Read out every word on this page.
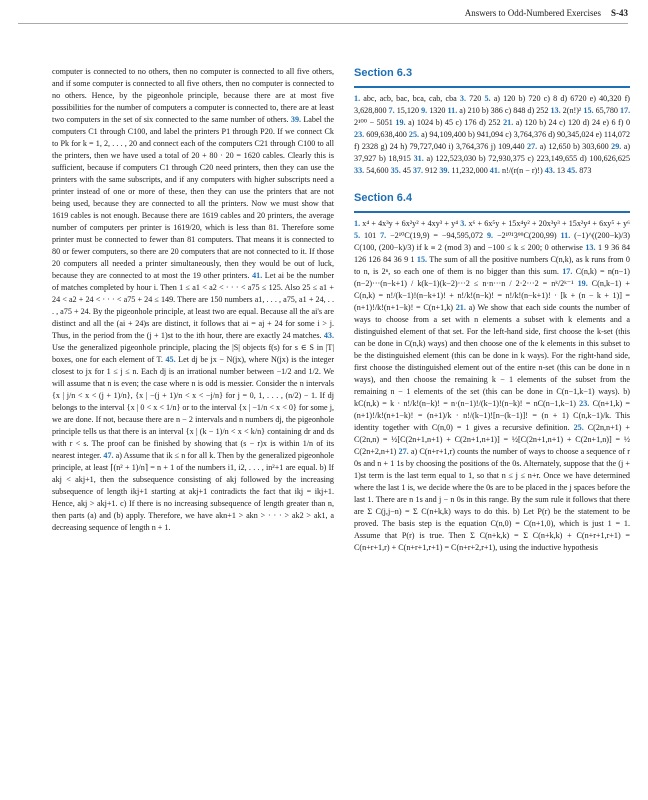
Answers to Odd-Numbered Exercises S-43

computer is connected to no others, then no computer is connected to all five others, and if some computer is connected to all five others, then no computer is connected to no others. Hence, by the pigeonhole principle, because there are at most five possibilities for the number of computers a computer is connected to, there are at least two computers in the set of six connected to the same number of others. 39. Label the computers C1 through C100, and label the printers P1 through P20. If we connect Ck to Pk for k = 1, 2, . . . , 20 and connect each of the computers C21 through C100 to all the printers, then we have used a total of 20 + 80 · 20 = 1620 cables. Clearly this is sufficient, because if computers C1 through C20 need printers, then they can use the printers with the same subscripts, and if any computers with higher subscripts need a printer instead of one or more of these, then they can use the printers that are not being used, because they are connected to all the printers. Now we must show that 1619 cables is not enough. Because there are 1619 cables and 20 printers, the average number of computers per printer is 1619/20, which is less than 81. Therefore some printer must be connected to fewer than 81 computers. That means it is connected to 80 or fewer computers, so there are 20 computers that are not connected to it. If those 20 computers all needed a printer simultaneously, then they would be out of luck, because they are connected to at most the 19 other printers. 41. Let ai be the number of matches completed by hour i. Then 1 ≤ a1 < a2 < · · · < a75 ≤ 125. Also 25 ≤ a1 + 24 < a2 + 24 < · · · < a75 + 24 ≤ 149. There are 150 numbers a1, . . . , a75, a1 + 24, . . . , a75 + 24. By the pigeonhole principle, at least two are equal. Because all the ai's are distinct and all the (ai + 24)s are distinct, it follows that ai = aj + 24 for some i > j. Thus, in the period from the (j + 1)st to the ith hour, there are exactly 24 matches. 43. Use the generalized pigeonhole principle, placing the |S| objects f(s) for s ∈ S in |T| boxes, one for each element of T. 45. Let dj be jx − N(jx), where N(jx) is the integer closest to jx for 1 ≤ j ≤ n. Each dj is an irrational number between −1/2 and 1/2. We will assume that n is even; the case where n is odd is messier. Consider the n intervals {x | j/n < x < (j + 1)/n}, {x | −(j + 1)/n < x < −j/n} for j = 0, 1, . . . , (n/2) − 1. If dj belongs to the interval {x | 0 < x < 1/n} or to the interval {x | −1/n < x < 0} for some j, we are done. If not, because there are n − 2 intervals and n numbers dj, the pigeonhole principle tells us that there is an interval {x | (k − 1)/n < x < k/n} containing dr and ds with r < s. The proof can be finished by showing that (s − r)x is within 1/n of its nearest integer. 47. a) Assume that ik ≤ n for all k. Then by the generalized pigeonhole principle, at least ⌈(n² + 1)/n⌉ = n + 1 of the numbers i1, i2, . . . , in²+1 are equal. b) If akj < akj+1, then the subsequence consisting of akj followed by the increasing subsequence of length ikj+1 starting at akj+1 contradicts the fact that ikj = ikj+1. Hence, akj > akj+1. c) If there is no increasing subsequence of length greater than n, then parts (a) and (b) apply. Therefore, we have akn+1 > akn > · · · > ak2 > ak1, a decreasing sequence of length n + 1.

Section 6.3

1. abc, acb, bac, bca, cab, cba 3. 720 5. a) 120 b) 720 c) 8 d) 6720 e) 40,320 f) 3,628,800 7. 15,120 9. 1320 11. a) 210 b) 386 c) 848 d) 252 13. 2(n!)² 15. 65,780 17. 2¹⁰⁰ − 5051 19. a) 1024 b) 45 c) 176 d) 252 21. a) 120 b) 24 c) 120 d) 24 e) 6 f) 0 23. 609,638,400 25. a) 94,109,400 b) 941,094 c) 3,764,376 d) 90,345,024 e) 114,072 f) 2328 g) 24 h) 79,727,040 i) 3,764,376 j) 109,440 27. a) 12,650 b) 303,600 29. a) 37,927 b) 18,915 31. a) 122,523,030 b) 72,930,375 c) 223,149,655 d) 100,626,625 33. 54,600 35. 45 37. 912 39. 11,232,000 41. n!/(r(n − r)!) 43. 13 45. 873

Section 6.4

1. x⁴ + 4x³y + 6x²y² + 4xy³ + y⁴ 3. x⁶ + 6x⁵y + 15x⁴y² + 20x³y³ + 15x²y⁴ + 6xy⁵ + y⁶ 5. 101 7. −2¹⁰C(19,9) = −94,595,072 9. −2¹⁰¹3⁹⁹C(200,99) 11. (−1)^((200−k)/3) C(100, (200−k)/3) if k ≡ 2 (mod 3) and −100 ≤ k ≤ 200; 0 otherwise 13. 1 9 36 84 126 126 84 36 9 1 15. The sum of all the positive numbers C(n,k), as k runs from 0 to n, is 2ⁿ, so each one of them is no bigger than this sum. 17. C(n,k) = n(n−1)(n−2)···(n−k+1) / k(k−1)(k−2)···2 ≤ n·n···n / 2·2···2 = nᵏ/2ᵏ⁻¹ 19. C(n,k−1) + C(n,k) = n!/(k−1)!(n−k+1)! + n!/k!(n−k)! = n!/k!(n−k+1)! · [k + (n − k + 1)] = (n+1)!/k!(n+1−k)! = C(n+1,k) 21. a) We show that each side counts the number of ways to choose from a set with n elements a subset with k elements and a distinguished element of that set. For the left-hand side, first choose the k-set (this can be done in C(n,k) ways) and then choose one of the k elements in this subset to be the distinguished element (this can be done in k ways). For the right-hand side, first choose the distinguished element out of the entire n-set (this can be done in n ways), and then choose the remaining k − 1 elements of the subset from the remaining n − 1 elements of the set (this can be done in C(n−1,k−1) ways). b) kC(n,k) = k · n!/k!(n−k)! = n·(n−1)!/(k−1)!(n−k)! = nC(n−1,k−1) 23. C(n+1,k) = (n+1)!/k!(n+1−k)! = (n+1)/k · n!/(k−1)![n−(k−1)]! = (n + 1) C(n,k−1)/k. This identity together with C(n,0) = 1 gives a recursive definition. 25. C(2n,n+1) + C(2n,n) = ½[C(2n+1,n+1) + C(2n+1,n+1)] = ½[C(2n+1,n+1) + C(2n+1,n)] = ½ C(2n+2,n+1) 27. a) C(n+r+1,r) counts the number of ways to choose a sequence of r 0s and n + 1 1s by choosing the positions of the 0s. Alternately, suppose that the (j + 1)st term is the last term equal to 1, so that n ≤ j ≤ n+r. Once we have determined where the last 1 is, we decide where the 0s are to be placed in the j spaces before the last 1. There are n 1s and j − n 0s in this range. By the sum rule it follows that there are Σ C(j,j−n) = Σ C(n+k,k) ways to do this. b) Let P(r) be the statement to be proved. The basis step is the equation C(n,0) = C(n+1,0), which is just 1 = 1. Assume that P(r) is true. Then Σ C(n+k,k) = Σ C(n+k,k) + C(n+r+1,r+1) = C(n+r+1,r) + C(n+r+1,r+1) = C(n+r+2,r+1), using the inductive hypothesis
